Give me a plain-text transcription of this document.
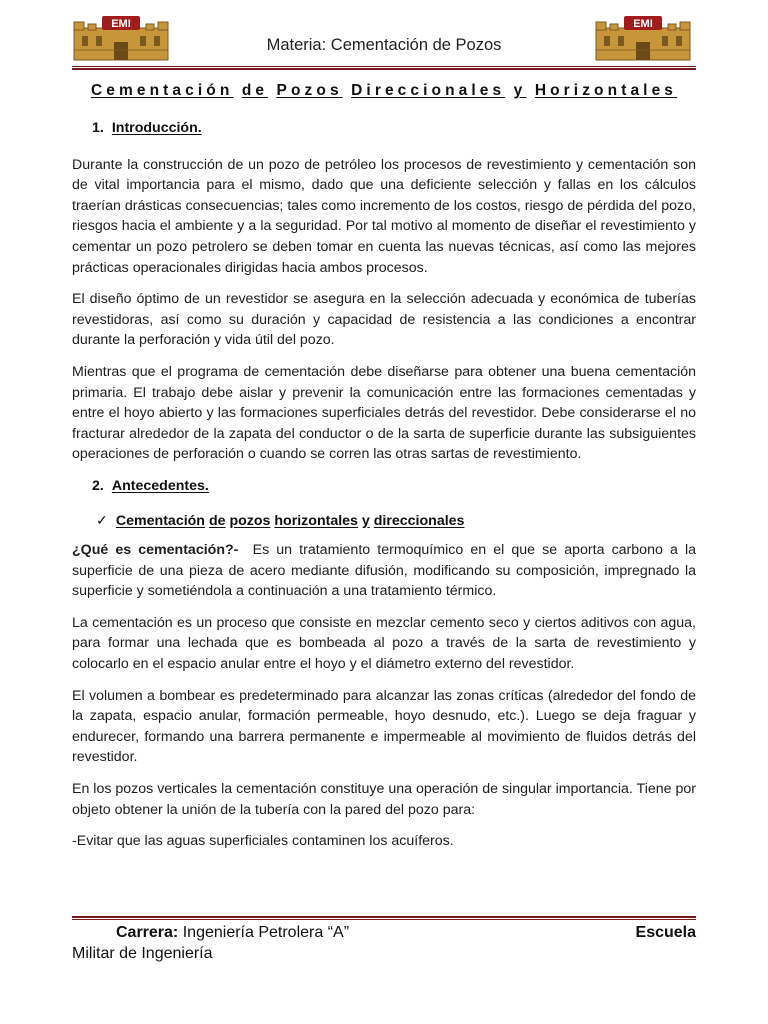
EMI	EMI
Materia: Cementación de Pozos
Cementación de Pozos Direccionales y Horizontales
1. Introducción.

Durante la construcción de un pozo de petróleo los procesos de revestimiento y cementación son de vital importancia para el mismo, dado que una deficiente selección y fallas en los cálculos traerían drásticas consecuencias; tales como incremento de los costos, riesgo de pérdida del pozo, riesgos hacia el ambiente y a la seguridad. Por tal motivo al momento de diseñar el revestimiento y cementar un pozo petrolero se deben tomar en cuenta las nuevas técnicas, así como las mejores prácticas operacionales dirigidas hacia ambos procesos.

El diseño óptimo de un revestidor se asegura en la selección adecuada y económica de tuberías revestidoras, así como su duración y capacidad de resistencia a las condiciones a encontrar durante la perforación y vida útil del pozo.

Mientras que el programa de cementación debe diseñarse para obtener una buena cementación primaria. El trabajo debe aislar y prevenir la comunicación entre las formaciones cementadas y entre el hoyo abierto y las formaciones superficiales detrás del revestidor. Debe considerarse el no fracturar alrededor de la zapata del conductor o de la sarta de superficie durante las subsiguientes operaciones de perforación o cuando se corren las otras sartas de revestimiento.

2. Antecedentes.
✓ Cementación de pozos horizontales y direccionales

¿Qué es cementación?- Es un tratamiento termoquímico en el que se aporta carbono a la superficie de una pieza de acero mediante difusión, modificando su composición, impregnado la superficie y sometiéndola a continuación a una tratamiento térmico.

La cementación es un proceso que consiste en mezclar cemento seco y ciertos aditivos con agua, para formar una lechada que es bombeada al pozo a través de la sarta de revestimiento y colocarlo en el espacio anular entre el hoyo y el diámetro externo del revestidor.

El volumen a bombear es predeterminado para alcanzar las zonas críticas (alrededor del fondo de la zapata, espacio anular, formación permeable, hoyo desnudo, etc.). Luego se deja fraguar y endurecer, formando una barrera permanente e impermeable al movimiento de fluidos detrás del revestidor.

En los pozos verticales la cementación constituye una operación de singular importancia. Tiene por objeto obtener la unión de la tubería con la pared del pozo para:

-Evitar que las aguas superficiales contaminen los acuíferos.

Carrera: Ingeniería Petrolera “A”	Escuela
Militar de Ingeniería
